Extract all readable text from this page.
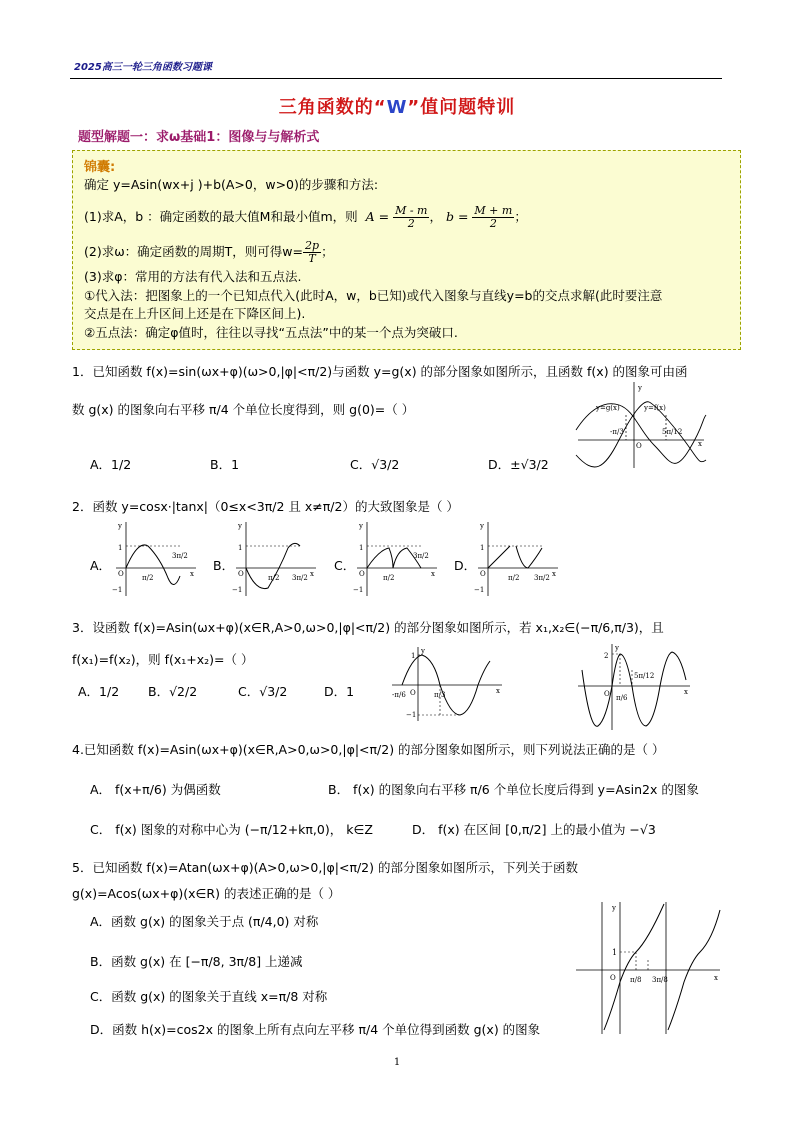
2025高三一轮三角函数习题课
三角函数的“W”值问题特训
题型解题一：求ω基础1：图像与与解析式
锦囊:
确定 y=Asin(wx+j )+b(A>0，w>0)的步骤和方法:
(1)求A，b ：确定函数的最大值M和最小值m，则 $A = \frac{M - m}{2}$ ， $b = \frac{M + m}{2}$ ；
(2)求ω：确定函数的周期T，则可得$w= \frac{2p}{T}$ ；
(3)求φ：常用的方法有代入法和五点法.
①代入法：把图象上的一个已知点代入(此时A，w，b已知)或代入图象与直线y=b的交点求解(此时要注意
交点是在上升区间上还是在下降区间上).
②五点法：确定φ值时，往往以寻找“五点法”中的某一个点为突破口.
1．已知函数 f(x)=sin(ωx+φ)(ω>0,|φ|<π/2)与函数 y=g(x) 的部分图象如图所示，且函数 f(x) 的图象可由函
数 g(x) 的图象向右平移 π/4 个单位长度得到，则 g(0)=（ ）
A．1/2	B．1	C．√3/2	D．±√3/2
y=g(x)	y=f(x)
-π/3	5π/12
O	x
y
2．函数 y=cosx·|tanx|（0≤x<3π/2 且 x≠π/2）的大致图象是（ ）
A．	B．	C．	D．
1
−1
π/2
3π/2
O	x
y
1
−1
π/2 3π/2
O	x
y
1
−1
π/2
3π/2
O	x
y
1
−1
π/2 3π/2
O	x
y
3．设函数 f(x)=Asin(ωx+φ)(x∈R,A>0,ω>0,|φ|<π/2) 的部分图象如图所示，若 x₁,x₂∈(−π/6,π/3)，且
f(x₁)=f(x₂)，则 f(x₁+x₂)=（ ）
A．1/2 B．√2/2	C．√3/2	D．1
1
−1
-π/6	π/3
O	x
y
2
5π/12
π/6
O	x
y
4.已知函数 f(x)=Asin(ωx+φ)(x∈R,A>0,ω>0,|φ|<π/2) 的部分图象如图所示，则下列说法正确的是（ ）
A． f(x+π/6) 为偶函数	B． f(x) 的图象向右平移 π/6 个单位长度后得到 y=Asin2x 的图象
C． f(x) 图象的对称中心为 (−π/12+kπ,0)， k∈Z	D． f(x) 在区间 [0,π/2] 上的最小值为 −√3
5．已知函数 f(x)=Atan(ωx+φ)(A>0,ω>0,|φ|<π/2) 的部分图象如图所示，下列关于函数
g(x)=Acos(ωx+φ)(x∈R) 的表述正确的是（ ）
A．函数 g(x) 的图象关于点 (π/4,0) 对称
B．函数 g(x) 在 [−π/8, 3π/8] 上递减
C．函数 g(x) 的图象关于直线 x=π/8 对称
D．函数 h(x)=cos2x 的图象上所有点向左平移 π/4 个单位得到函数 g(x) 的图象
1
π/8 3π/8
O	x
y
1
